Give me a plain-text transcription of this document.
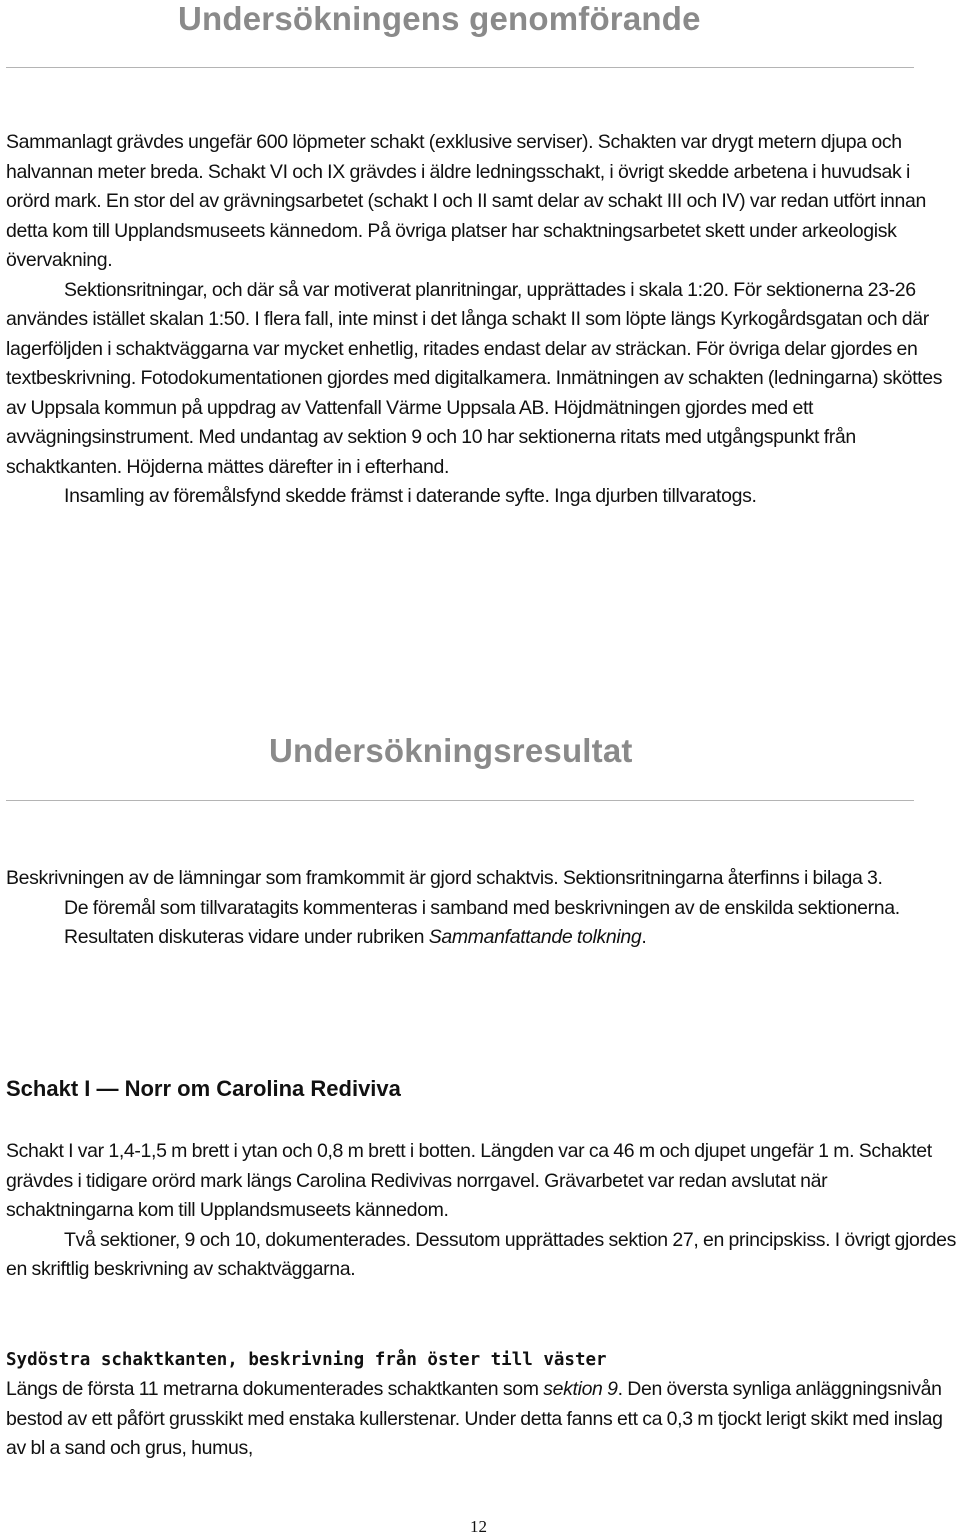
Undersökningens genomförande

Sammanlagt grävdes ungefär 600 löpmeter schakt (exklusive serviser). Schakten var drygt metern djupa och halvannan meter breda. Schakt VI och IX grävdes i äldre ledningsschakt, i övrigt skedde arbetena i huvudsak i orörd mark. En stor del av grävningsarbetet (schakt I och II samt delar av schakt III och IV) var redan utfört innan detta kom till Upplandsmuseets kännedom. På övriga platser har schaktningsarbetet skett under arkeologisk övervakning.

Sektionsritningar, och där så var motiverat planritningar, upprättades i skala 1:20. För sektionerna 23-26 användes istället skalan 1:50. I flera fall, inte minst i det långa schakt II som löpte längs Kyrkogårdsgatan och där lagerföljden i schaktväggarna var mycket enhetlig, ritades endast delar av sträckan. För övriga delar gjordes en textbeskrivning. Fotodokumentationen gjordes med digitalkamera. Inmätningen av schakten (ledningarna) sköttes av Uppsala kommun på uppdrag av Vattenfall Värme Uppsala AB. Höjdmätningen gjordes med ett avvägningsinstrument. Med undantag av sektion 9 och 10 har sektionerna ritats med utgångspunkt från schaktkanten. Höjderna mättes därefter in i efterhand.

Insamling av föremålsfynd skedde främst i daterande syfte. Inga djurben tillvaratogs.

Undersökningsresultat

Beskrivningen av de lämningar som framkommit är gjord schaktvis. Sektionsritningarna återfinns i bilaga 3.

De föremål som tillvaratagits kommenteras i samband med beskrivningen av de enskilda sektionerna.

Resultaten diskuteras vidare under rubriken Sammanfattande tolkning.

Schakt I — Norr om Carolina Rediviva

Schakt I var 1,4-1,5 m brett i ytan och 0,8 m brett i botten. Längden var ca 46 m och djupet ungefär 1 m. Schaktet grävdes i tidigare orörd mark längs Carolina Redivivas norrgavel. Grävarbetet var redan avslutat när schaktningarna kom till Upplandsmuseets kännedom.

Två sektioner, 9 och 10, dokumenterades. Dessutom upprättades sektion 27, en principskiss. I övrigt gjordes en skriftlig beskrivning av schaktväggarna.

Sydöstra schaktkanten, beskrivning från öster till väster

Längs de första 11 metrarna dokumenterades schaktkanten som sektion 9. Den översta synliga anläggningsnivån bestod av ett påfört grusskikt med enstaka kullerstenar. Under detta fanns ett ca 0,3 m tjockt lerigt skikt med inslag av bl a sand och grus, humus,

12
